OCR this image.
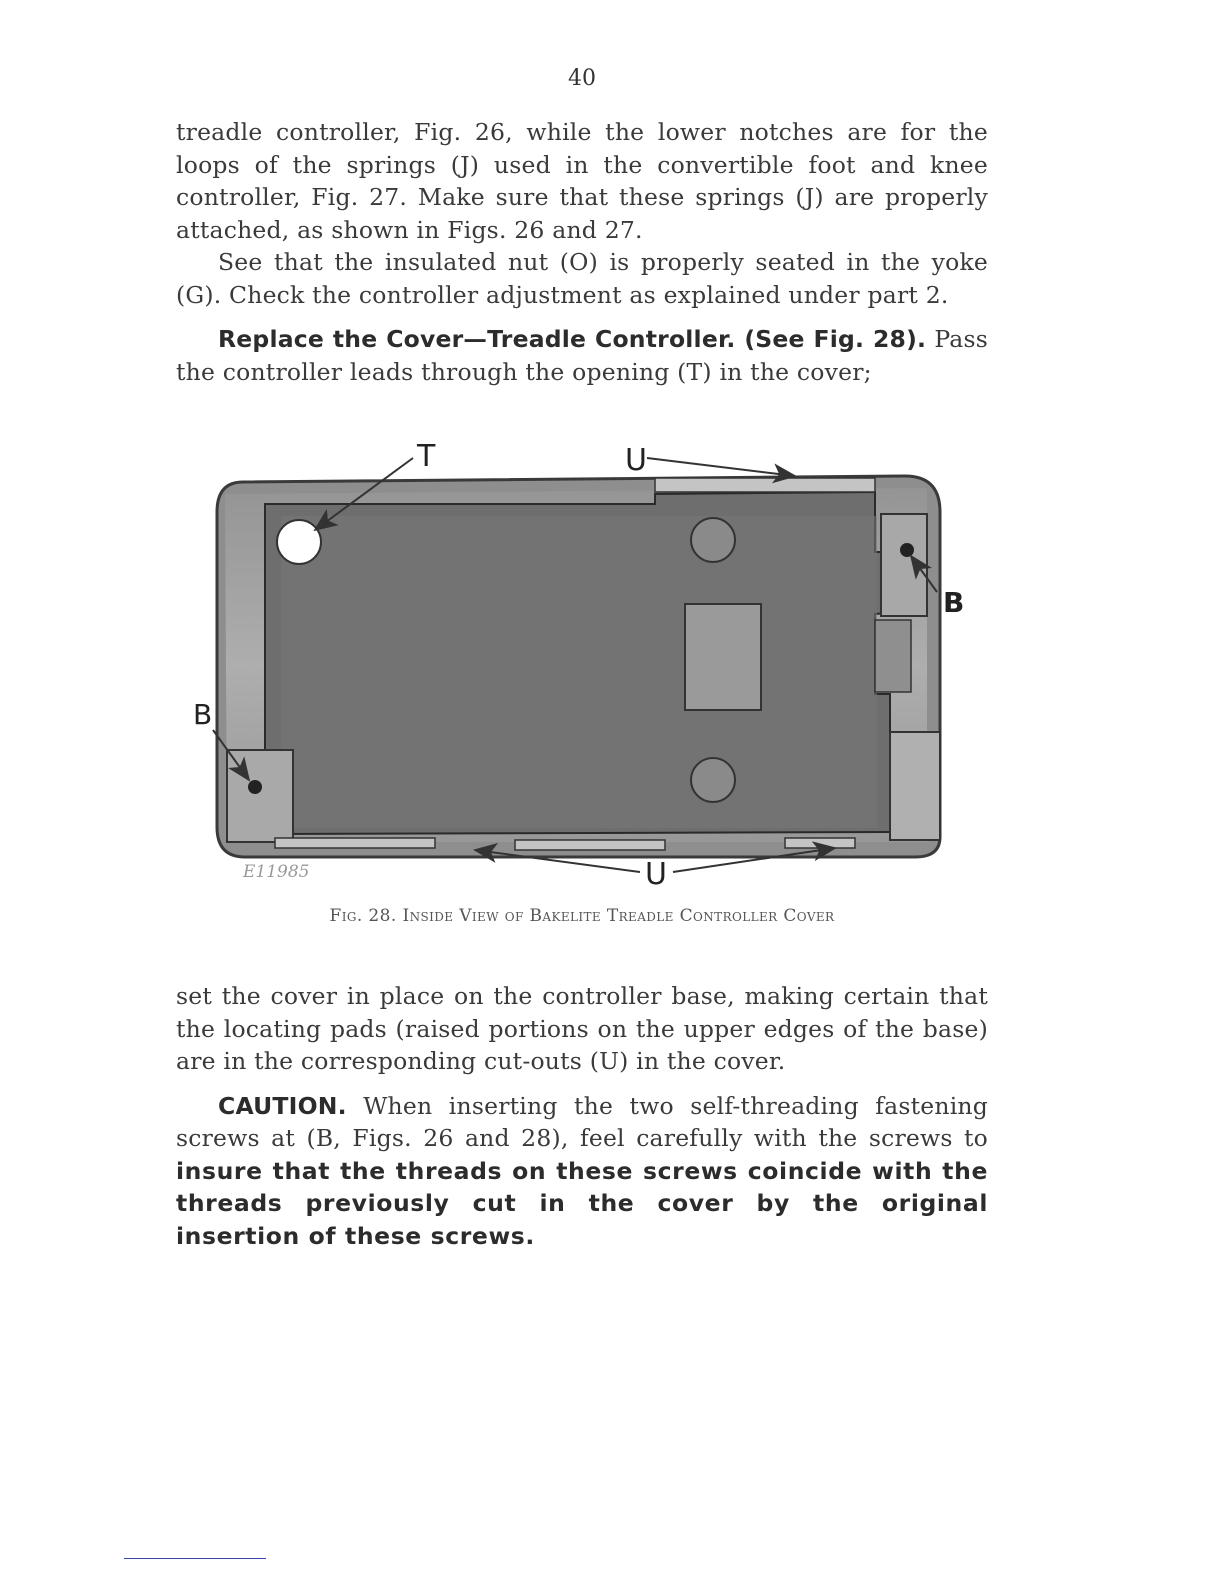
40

treadle controller, Fig. 26, while the lower notches are for the loops of the springs (J) used in the convertible foot and knee controller, Fig. 27. Make sure that these springs (J) are properly attached, as shown in Figs. 26 and 27.

See that the insulated nut (O) is properly seated in the yoke (G). Check the controller adjustment as explained under part 2.

Replace the Cover—Treadle Controller. (See Fig. 28). Pass the controller leads through the opening (T) in the cover;

T	U
B
B
U
E11985
Fig. 28. Inside View of Bakelite Treadle Controller Cover

set the cover in place on the controller base, making certain that the locating pads (raised portions on the upper edges of the base) are in the corresponding cut-outs (U) in the cover.

CAUTION. When inserting the two self-threading fastening screws at (B, Figs. 26 and 28), feel carefully with the screws to insure that the threads on these screws coincide with the threads previously cut in the cover by the original insertion of these screws.
